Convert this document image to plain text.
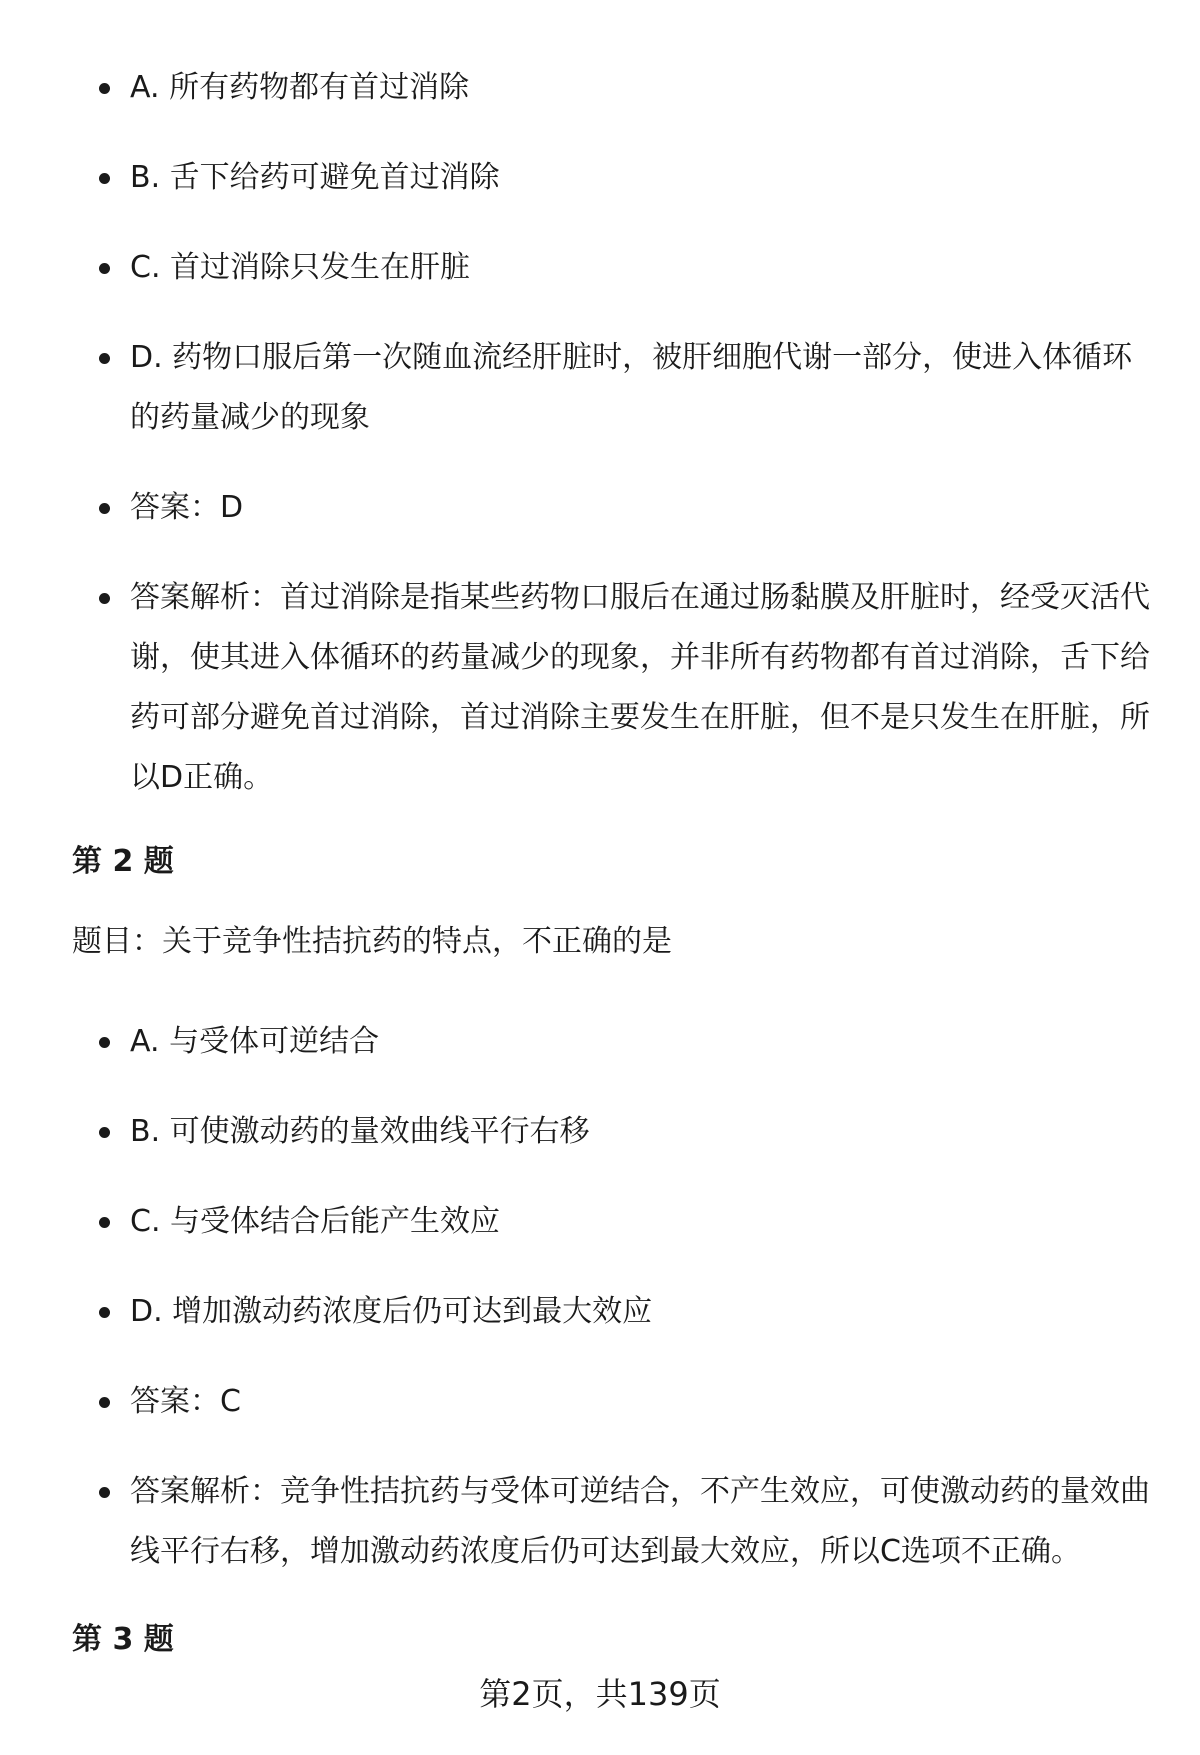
A. 所有药物都有首过消除
B. 舌下给药可避免首过消除
C. 首过消除只发生在肝脏
D. 药物口服后第一次随血流经肝脏时，被肝细胞代谢一部分，使进入体循环的药量减少的现象
答案：D
答案解析：首过消除是指某些药物口服后在通过肠黏膜及肝脏时，经受灭活代谢，使其进入体循环的药量减少的现象，并非所有药物都有首过消除，舌下给药可部分避免首过消除，首过消除主要发生在肝脏，但不是只发生在肝脏，所以D正确。
第 2 题

题目：关于竞争性拮抗药的特点，不正确的是

A. 与受体可逆结合
B. 可使激动药的量效曲线平行右移
C. 与受体结合后能产生效应
D. 增加激动药浓度后仍可达到最大效应
答案：C
答案解析：竞争性拮抗药与受体可逆结合，不产生效应，可使激动药的量效曲线平行右移，增加激动药浓度后仍可达到最大效应，所以C选项不正确。
第 3 题
第2页，共139页
